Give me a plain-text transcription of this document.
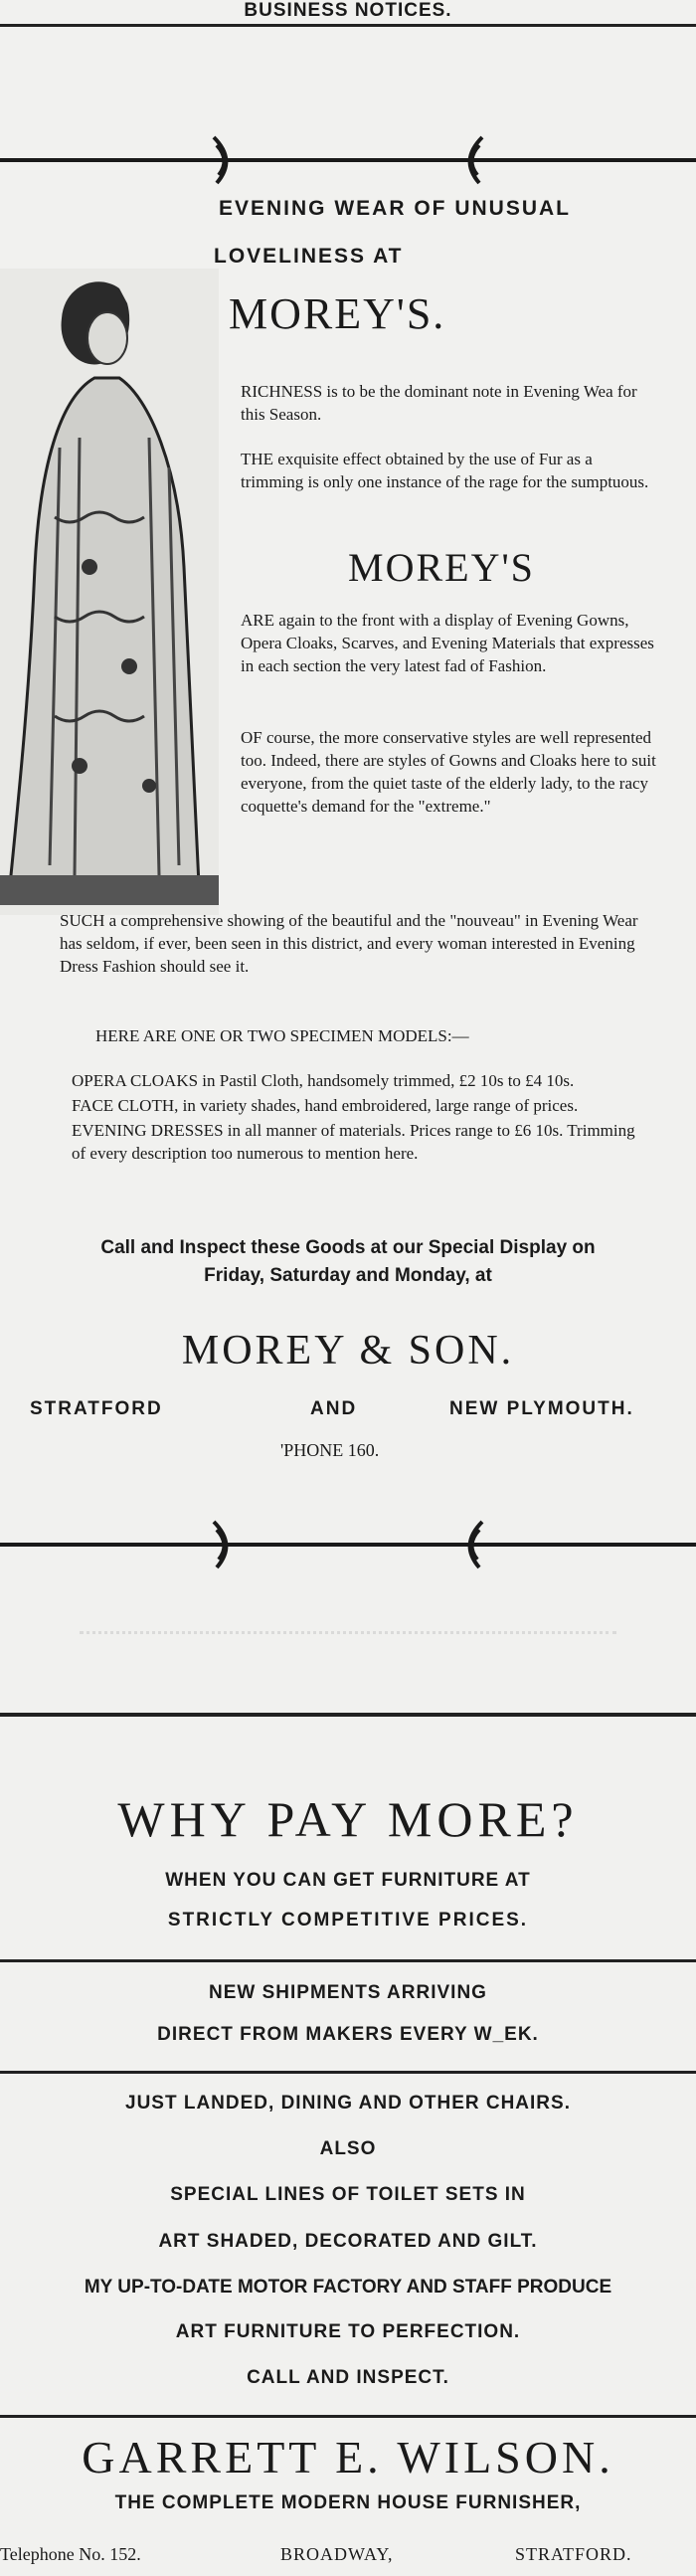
BUSINESS NOTICES.
EVENING WEAR OF UNUSUAL
LOVELINESS AT
MOREY'S.
RICHNESS is to be the dominant note in Evening Wea for this Season.
THE exquisite effect obtained by the use of Fur as a trimming is only one instance of the rage for the sumptuous.
MOREY'S
ARE again to the front with a display of Evening Gowns, Opera Cloaks, Scarves, and Evening Materials that expresses in each section the very latest fad of Fashion.
OF course, the more conservative styles are well represented too. Indeed, there are styles of Gowns and Cloaks here to suit everyone, from the quiet taste of the elderly lady, to the racy coquette's demand for the "extreme."
SUCH a comprehensive showing of the beautiful and the "nouveau" in Evening Wear has seldom, if ever, been seen in this district, and every woman interested in Evening Dress Fashion should see it.
HERE ARE ONE OR TWO SPECIMEN MODELS:—
OPERA CLOAKS in Pastil Cloth, handsomely trimmed, £2 10s to £4 10s.
FACE CLOTH, in variety shades, hand embroidered, large range of prices.
EVENING DRESSES in all manner of materials. Prices range to £6 10s. Trimming of every description too numerous to mention here.
Call and Inspect these Goods at our Special Display on
Friday, Saturday and Monday, at
MOREY & SON.
STRATFORD	AND	NEW PLYMOUTH.
'PHONE 160.
WHY PAY MORE?
WHEN YOU CAN GET FURNITURE AT
STRICTLY COMPETITIVE PRICES.
NEW SHIPMENTS ARRIVING
DIRECT FROM MAKERS EVERY W_EK.
JUST LANDED, DINING AND OTHER CHAIRS.
ALSO
SPECIAL LINES OF TOILET SETS IN
ART SHADED, DECORATED AND GILT.
MY UP-TO-DATE MOTOR FACTORY AND STAFF PRODUCE
ART FURNITURE TO PERFECTION.
CALL AND INSPECT.
GARRETT E. WILSON.
THE COMPLETE MODERN HOUSE FURNISHER,
Telephone No. 152.	BROADWAY,	STRATFORD.
